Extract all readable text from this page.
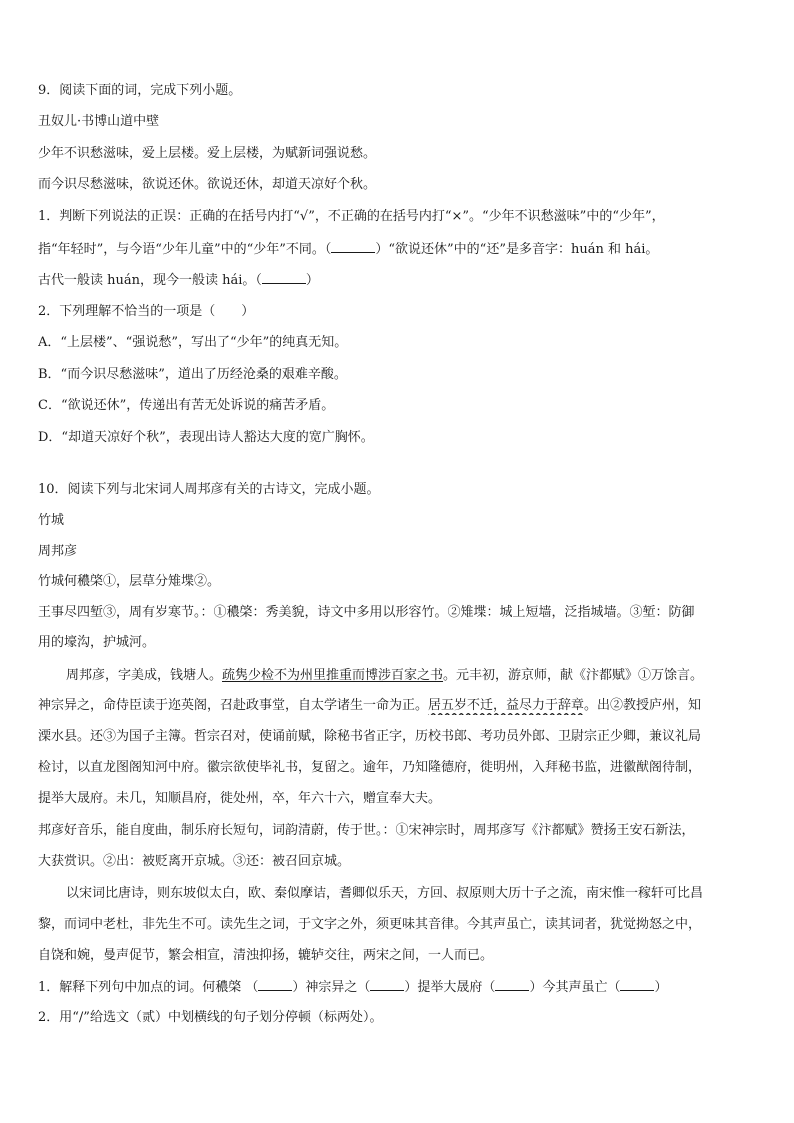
9．阅读下面的词，完成下列小题。
丑奴儿·书博山道中壁
少年不识愁滋味，爱上层楼。爱上层楼，为赋新词强说愁。
而今识尽愁滋味，欲说还休。欲说还休，却道天凉好个秋。
1．判断下列说法的正误：正确的在括号内打“√”，不正确的在括号内打“×”。“少年不识愁滋味”中的“少年”，
指“年轻时”，与今语“少年儿童”中的“少年”不同。（	）“欲说还休”中的“还”是多音字：huán 和 hái。
古代一般读 huán，现今一般读 hái。（	）
2．下列理解不恰当的一项是（　　）
A．“上层楼”、“强说愁”，写出了“少年”的纯真无知。
B．“而今识尽愁滋味”，道出了历经沧桑的艰难辛酸。
C．“欲说还休”，传递出有苦无处诉说的痛苦矛盾。
D．“却道天凉好个秋”，表现出诗人豁达大度的宽广胸怀。
10．阅读下列与北宋词人周邦彦有关的古诗文，完成小题。
竹城
周邦彦
竹城何穠棨①，层草分雉堞②。
王事尽四堑③，周有岁寒节。：①穠棨：秀美貌，诗文中多用以形容竹。②雉堞：城上短墙，泛指城墙。③堑：防御
用的壕沟，护城河。
周邦彦，字美成，钱塘人。疏隽少检不为州里推重而博涉百家之书。元丰初，游京师，献《汴都赋》①万馀言。
神宗异之，命侍臣读于迩英阁，召赴政事堂，自太学诸生一命为正。居五岁不迁，益尽力于辞章。出②教授庐州，知
溧水县。还③为国子主簿。哲宗召对，使诵前赋，除秘书省正字，历校书郎、考功员外郎、卫尉宗正少卿，兼议礼局
检讨，以直龙图阁知河中府。徽宗欲使毕礼书，复留之。逾年，乃知隆德府，徙明州，入拜秘书监，进徽猷阁待制，
提举大晟府。未几，知顺昌府，徙处州，卒，年六十六，赠宣奉大夫。
邦彦好音乐，能自度曲，制乐府长短句，词韵清蔚，传于世。：①宋神宗时，周邦彦写《汴都赋》赞扬王安石新法，
大获赏识。②出：被贬离开京城。③还：被召回京城。
以宋词比唐诗，则东坡似太白，欧、秦似摩诘，耆卿似乐天，方回、叔原则大历十子之流，南宋惟一稼轩可比昌
黎，而词中老杜，非先生不可。读先生之词，于文字之外，须更味其音律。今其声虽亡，读其词者，犹觉拗怒之中，
自饶和婉，曼声促节，繁会相宣，清浊抑扬，辘轳交往，两宋之间，一人而已。
1．解释下列句中加点的词。何穠棨 （	）神宗异之（	）提举大晟府（	）今其声虽亡（	）
2．用“/”给选文（贰）中划横线的句子划分停顿（标两处）。
